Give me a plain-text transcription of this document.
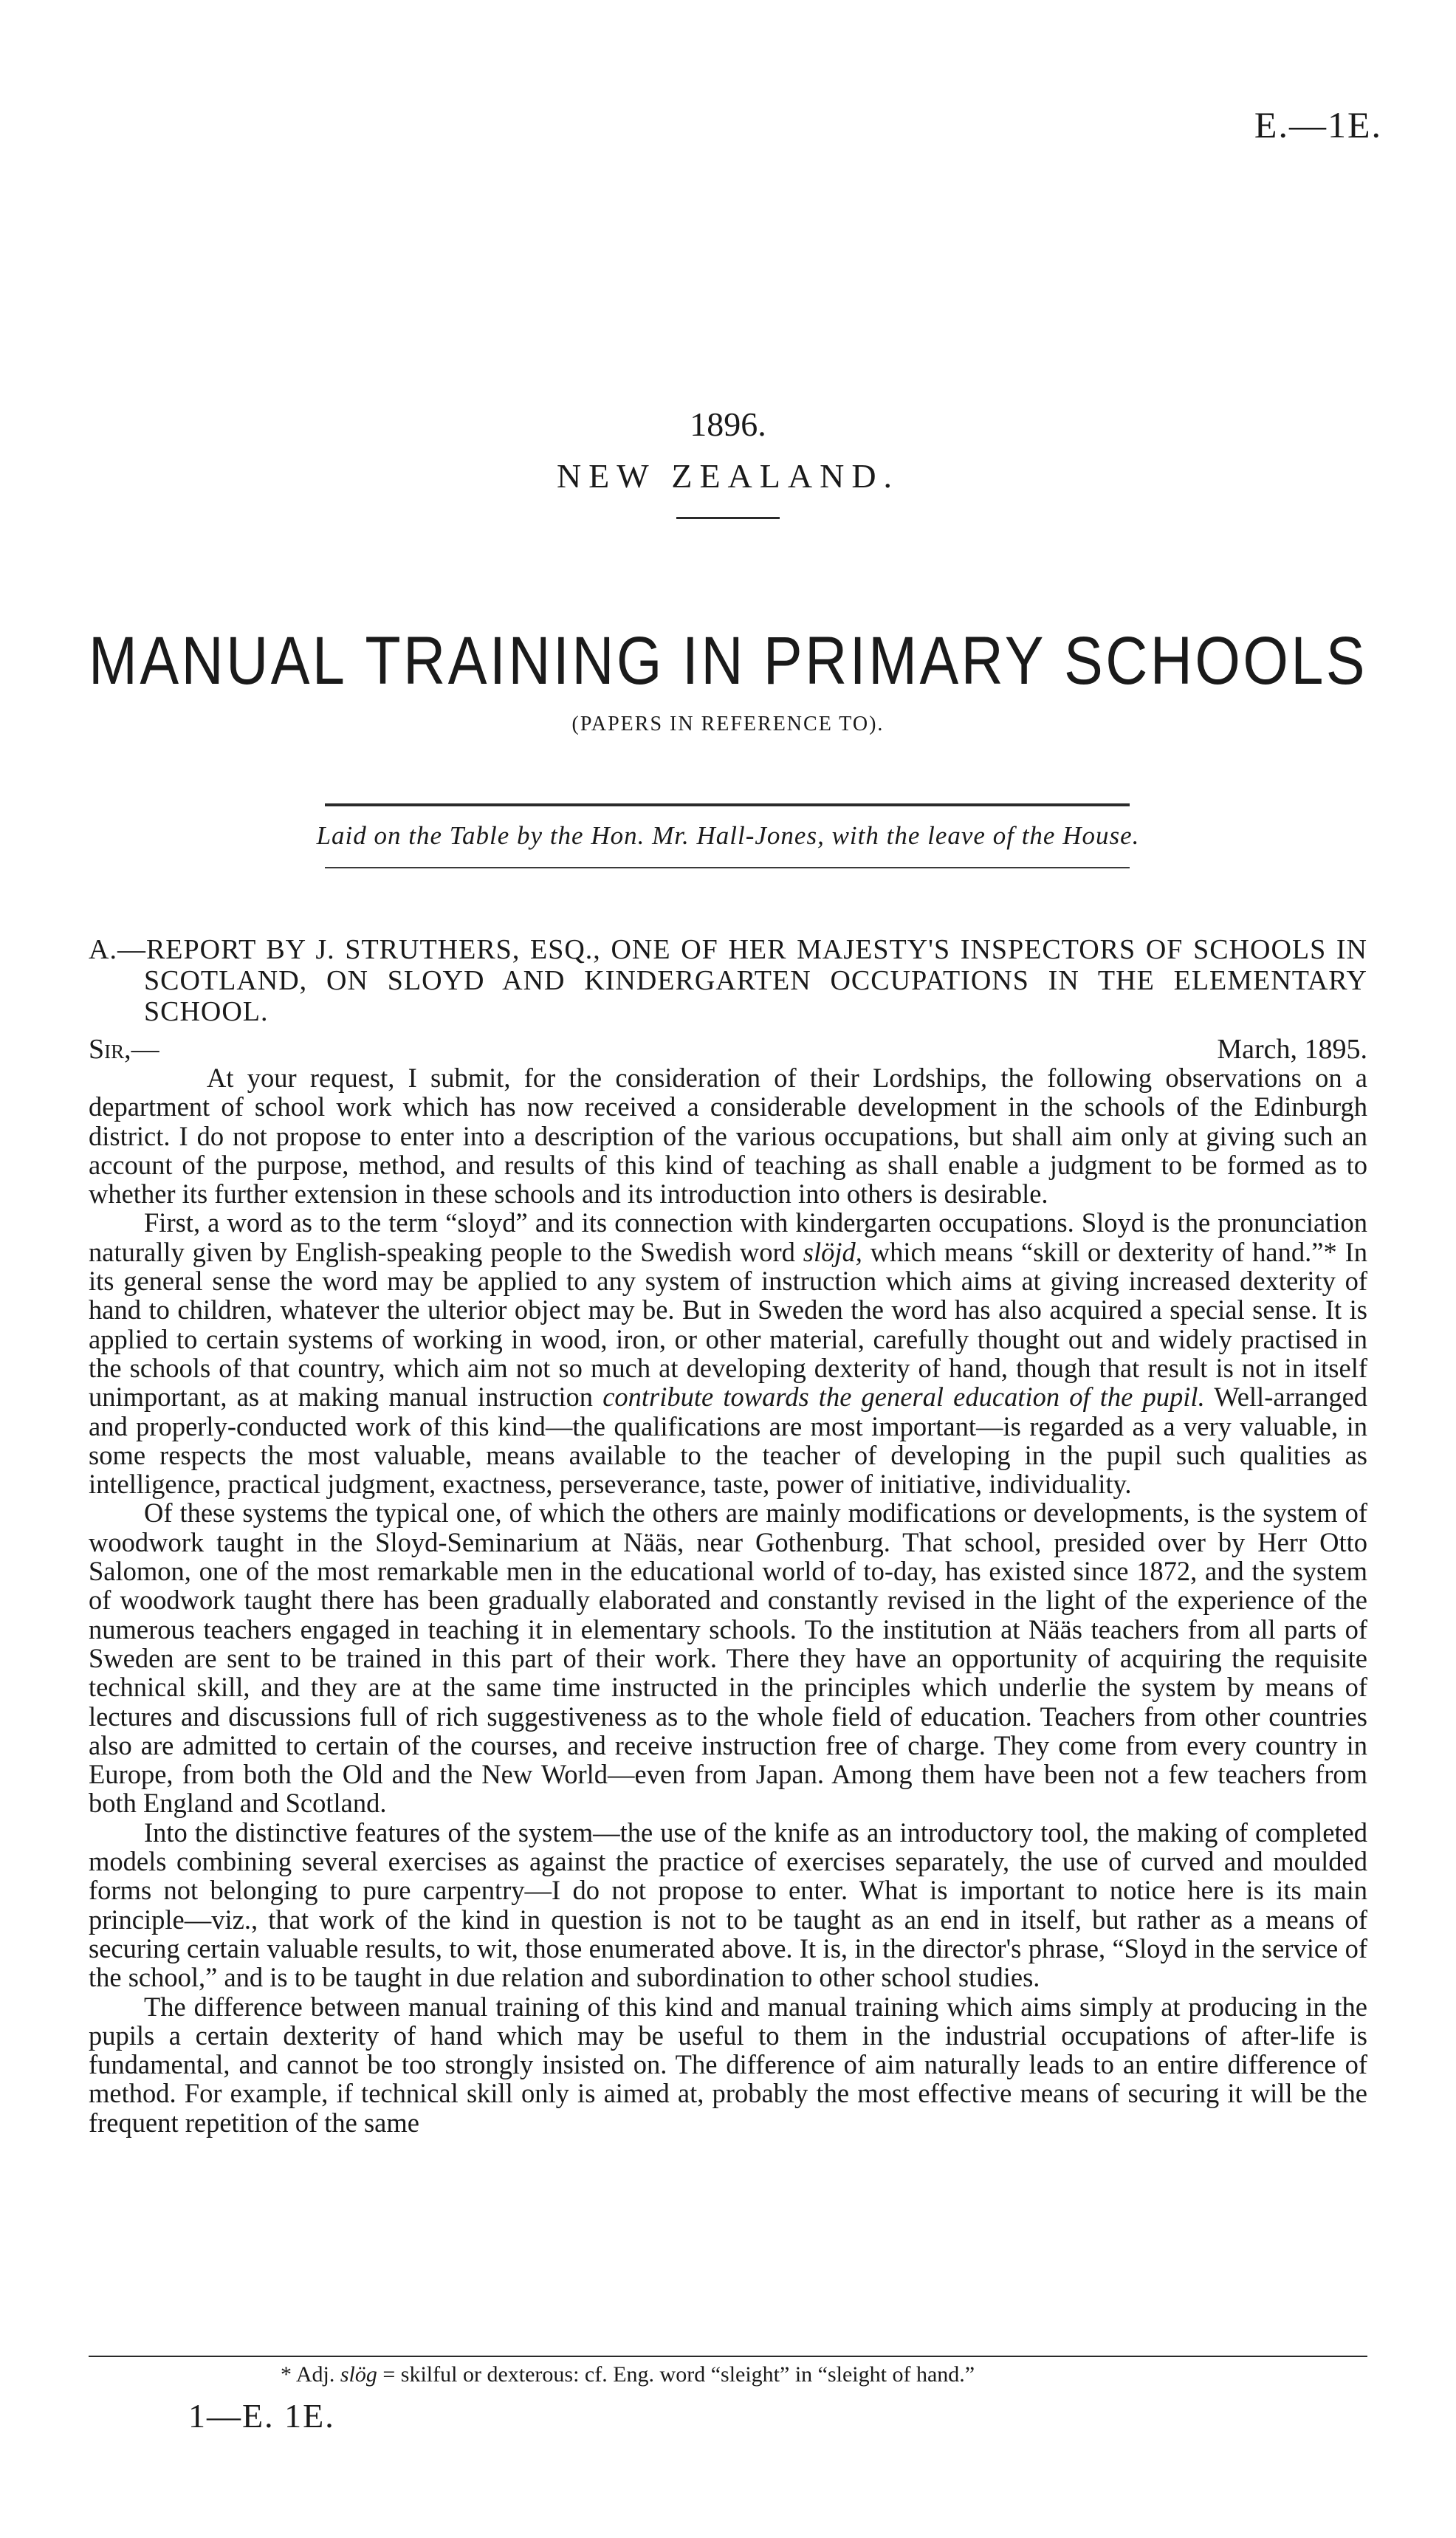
E.—1E.
1896.
NEW ZEALAND.
MANUAL TRAINING IN PRIMARY SCHOOLS
(PAPERS IN REFERENCE TO).
Laid on the Table by the Hon. Mr. Hall-Jones, with the leave of the House.
A.—REPORT BY J. STRUTHERS, ESQ., ONE OF HER MAJESTY'S INSPECTORS OF SCHOOLS IN SCOTLAND, ON SLOYD AND KINDERGARTEN OCCUPATIONS IN THE ELEMENTARY SCHOOL.
Sir,—	March, 1895.

At your request, I submit, for the consideration of their Lordships, the following observations on a department of school work which has now received a considerable development in the schools of the Edinburgh district. I do not propose to enter into a description of the various occupations, but shall aim only at giving such an account of the purpose, method, and results of this kind of teaching as shall enable a judgment to be formed as to whether its further extension in these schools and its introduction into others is desirable.

First, a word as to the term “sloyd” and its connection with kindergarten occupations. Sloyd is the pronunciation naturally given by English-speaking people to the Swedish word slöjd, which means “skill or dexterity of hand.”* In its general sense the word may be applied to any system of instruction which aims at giving increased dexterity of hand to children, whatever the ulterior object may be. But in Sweden the word has also acquired a special sense. It is applied to certain systems of working in wood, iron, or other material, carefully thought out and widely practised in the schools of that country, which aim not so much at developing dexterity of hand, though that result is not in itself unimportant, as at making manual instruction contribute towards the general education of the pupil. Well-arranged and properly-conducted work of this kind—the qualifications are most important—is regarded as a very valuable, in some respects the most valuable, means available to the teacher of developing in the pupil such qualities as intelligence, practical judgment, exactness, perseverance, taste, power of initiative, individuality.

Of these systems the typical one, of which the others are mainly modifications or developments, is the system of woodwork taught in the Sloyd-Seminarium at Nääs, near Gothenburg. That school, presided over by Herr Otto Salomon, one of the most remarkable men in the educational world of to-day, has existed since 1872, and the system of woodwork taught there has been gradually elaborated and constantly revised in the light of the experience of the numerous teachers engaged in teaching it in elementary schools. To the institution at Nääs teachers from all parts of Sweden are sent to be trained in this part of their work. There they have an opportunity of acquiring the requisite technical skill, and they are at the same time instructed in the principles which underlie the system by means of lectures and discussions full of rich suggestiveness as to the whole field of education. Teachers from other countries also are admitted to certain of the courses, and receive instruction free of charge. They come from every country in Europe, from both the Old and the New World—even from Japan. Among them have been not a few teachers from both England and Scotland.

Into the distinctive features of the system—the use of the knife as an introductory tool, the making of completed models combining several exercises as against the practice of exercises separately, the use of curved and moulded forms not belonging to pure carpentry—I do not propose to enter. What is important to notice here is its main principle—viz., that work of the kind in question is not to be taught as an end in itself, but rather as a means of securing certain valuable results, to wit, those enumerated above. It is, in the director's phrase, “Sloyd in the service of the school,” and is to be taught in due relation and subordination to other school studies.

The difference between manual training of this kind and manual training which aims simply at producing in the pupils a certain dexterity of hand which may be useful to them in the industrial occupations of after-life is fundamental, and cannot be too strongly insisted on. The difference of aim naturally leads to an entire difference of method. For example, if technical skill only is aimed at, probably the most effective means of securing it will be the frequent repetition of the same

* Adj. slög = skilful or dexterous: cf. Eng. word “sleight” in “sleight of hand.”
1—E. 1E.
